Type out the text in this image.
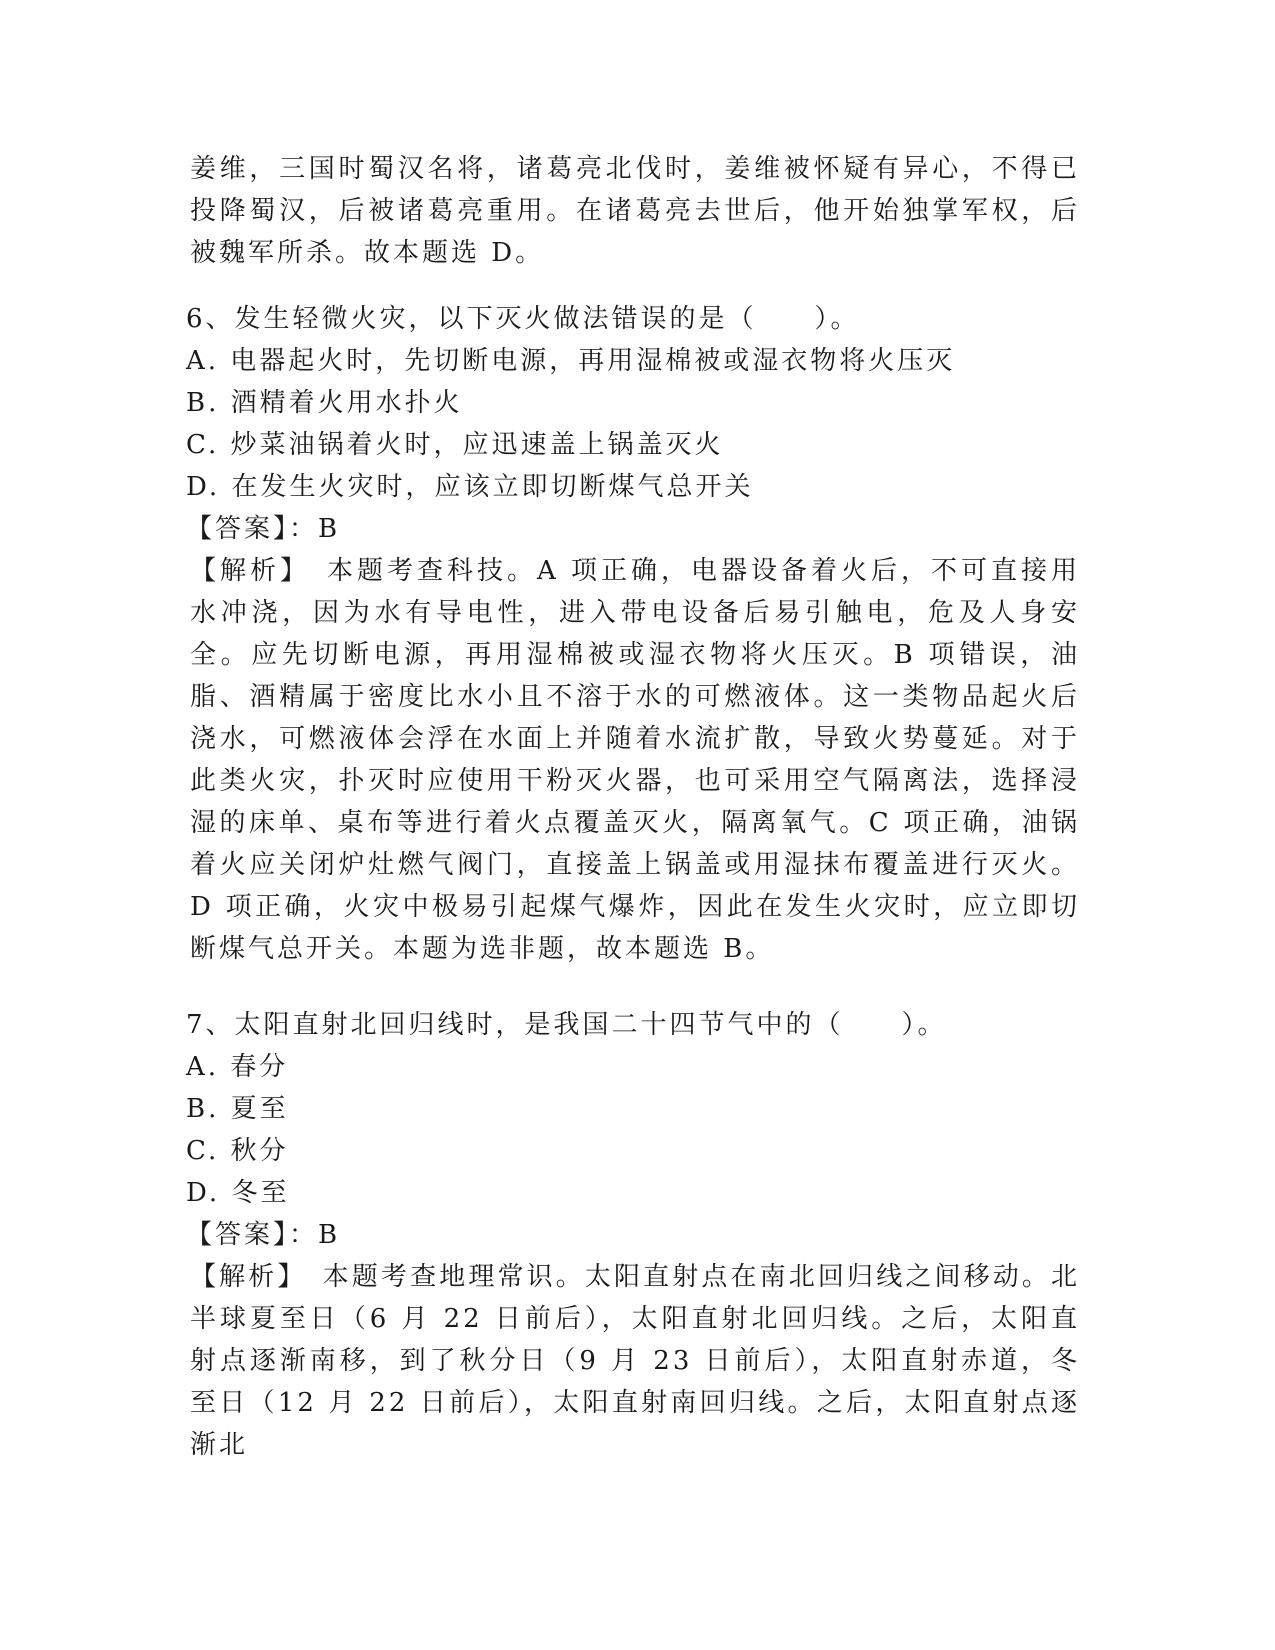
姜维，三国时蜀汉名将，诸葛亮北伐时，姜维被怀疑有异心，不得已投降蜀汉，后被诸葛亮重用。在诸葛亮去世后，他开始独掌军权，后被魏军所杀。故本题选 D。

6、发生轻微火灾，以下灭火做法错误的是（　　）。

A. 电器起火时，先切断电源，再用湿棉被或湿衣物将火压灭

B. 酒精着火用水扑火

C. 炒菜油锅着火时，应迅速盖上锅盖灭火

D. 在发生火灾时，应该立即切断煤气总开关

【答案】：B

【解析】　本题考查科技。A 项正确，电器设备着火后，不可直接用水冲浇，因为水有导电性，进入带电设备后易引触电，危及人身安全。应先切断电源，再用湿棉被或湿衣物将火压灭。B 项错误，油脂、酒精属于密度比水小且不溶于水的可燃液体。这一类物品起火后浇水，可燃液体会浮在水面上并随着水流扩散，导致火势蔓延。对于此类火灾，扑灭时应使用干粉灭火器，也可采用空气隔离法，选择浸湿的床单、桌布等进行着火点覆盖灭火，隔离氧气。C 项正确，油锅着火应关闭炉灶燃气阀门，直接盖上锅盖或用湿抹布覆盖进行灭火。D 项正确，火灾中极易引起煤气爆炸，因此在发生火灾时，应立即切断煤气总开关。本题为选非题，故本题选 B。

7、太阳直射北回归线时，是我国二十四节气中的（　　）。

A. 春分

B. 夏至

C. 秋分

D. 冬至

【答案】：B

【解析】　本题考查地理常识。太阳直射点在南北回归线之间移动。北半球夏至日（6 月 22 日前后），太阳直射北回归线。之后，太阳直射点逐渐南移，到了秋分日（9 月 23 日前后），太阳直射赤道，冬至日（12 月 22 日前后），太阳直射南回归线。之后，太阳直射点逐渐北
